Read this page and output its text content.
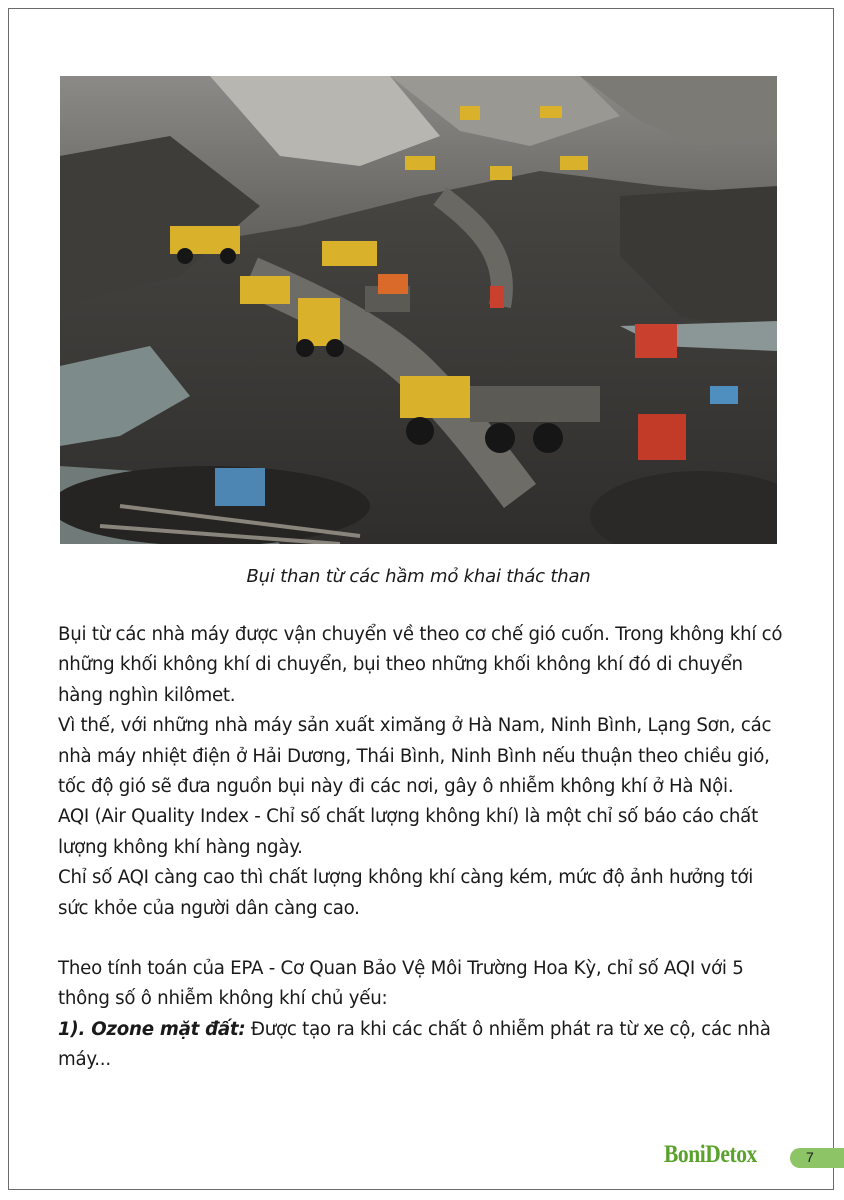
Bụi than từ các hầm mỏ khai thác than

Bụi từ các nhà máy được vận chuyển về theo cơ chế gió cuốn. Trong không khí có những khối không khí di chuyển, bụi theo những khối không khí đó di chuyển hàng nghìn kilômet.

Vì thế, với những nhà máy sản xuất ximăng ở Hà Nam, Ninh Bình, Lạng Sơn, các nhà máy nhiệt điện ở Hải Dương, Thái Bình, Ninh Bình nếu thuận theo chiều gió, tốc độ gió sẽ đưa nguồn bụi này đi các nơi, gây ô nhiễm không khí ở Hà Nội.

AQI (Air Quality Index - Chỉ số chất lượng không khí) là một chỉ số báo cáo chất lượng không khí hàng ngày.

Chỉ số AQI càng cao thì chất lượng không khí càng kém, mức độ ảnh hưởng tới sức khỏe của người dân càng cao.

Theo tính toán của EPA - Cơ Quan Bảo Vệ Môi Trường Hoa Kỳ, chỉ số AQI với 5 thông số ô nhiễm không khí chủ yếu:

1). Ozone mặt đất: Được tạo ra khi các chất ô nhiễm phát ra từ xe cộ, các nhà máy...

BoniDetox	7
